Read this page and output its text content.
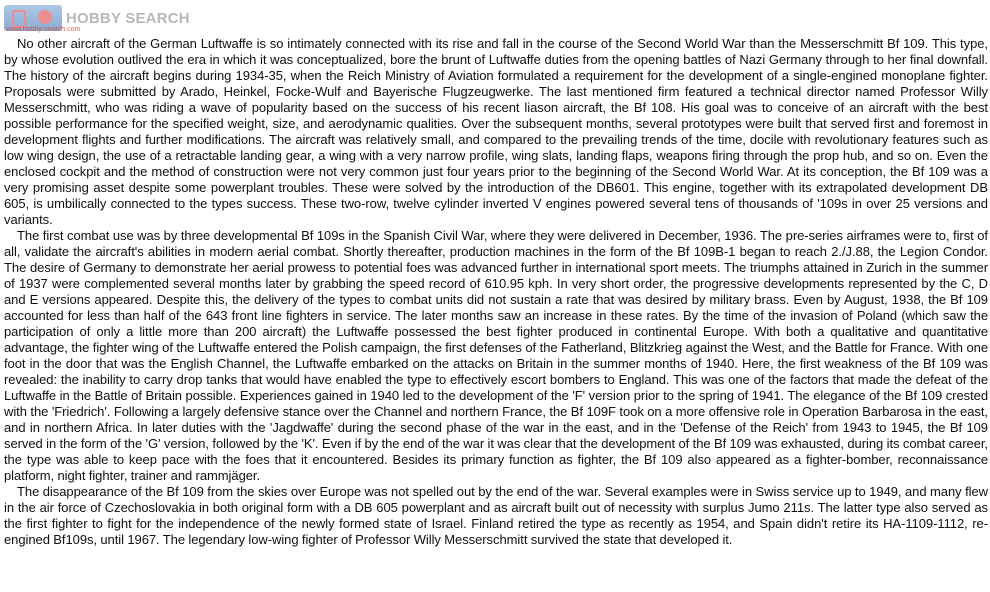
HOBBY SEARCH
www.hobby-search.com

No other aircraft of the German Luftwaffe is so intimately connected with its rise and fall in the course of the Second World War than the Messerschmitt Bf 109. This type, by whose evolution outlived the era in which it was conceptualized, bore the brunt of Luftwaffe duties from the opening battles of Nazi Germany through to her final downfall. The history of the aircraft begins during 1934-35, when the Reich Ministry of Aviation formulated a requirement for the development of a single-engined monoplane fighter. Proposals were submitted by Arado, Heinkel, Focke-Wulf and Bayerische Flugzeugwerke. The last mentioned firm featured a technical director named Professor Willy Messerschmitt, who was riding a wave of popularity based on the success of his recent liason aircraft, the Bf 108. His goal was to conceive of an aircraft with the best possible performance for the specified weight, size, and aerodynamic qualities. Over the subsequent months, several prototypes were built that served first and foremost in development flights and further modifications. The aircraft was relatively small, and compared to the prevailing trends of the time, docile with revolutionary features such as low wing design, the use of a retractable landing gear, a wing with a very narrow profile, wing slats, landing flaps, weapons firing through the prop hub, and so on. Even the enclosed cockpit and the method of construction were not very common just four years prior to the beginning of the Second World War. At its conception, the Bf 109 was a very promising asset despite some powerplant troubles. These were solved by the introduction of the DB601. This engine, together with its extrapolated development DB 605, is umbilically connected to the types success. These two-row, twelve cylinder inverted V engines powered several tens of thousands of '109s in over 25 versions and variants.

The first combat use was by three developmental Bf 109s in the Spanish Civil War, where they were delivered in December, 1936. The pre-series airframes were to, first of all, validate the aircraft's abilities in modern aerial combat. Shortly thereafter, production machines in the form of the Bf 109B-1 began to reach 2./J.88, the Legion Condor. The desire of Germany to demonstrate her aerial prowess to potential foes was advanced further in international sport meets. The triumphs attained in Zurich in the summer of 1937 were complemented several months later by grabbing the speed record of 610.95 kph. In very short order, the progressive developments represented by the C, D and E versions appeared. Despite this, the delivery of the types to combat units did not sustain a rate that was desired by military brass. Even by August, 1938, the Bf 109 accounted for less than half of the 643 front line fighters in service. The later months saw an increase in these rates. By the time of the invasion of Poland (which saw the participation of only a little more than 200 aircraft) the Luftwaffe possessed the best fighter produced in continental Europe. With both a qualitative and quantitative advantage, the fighter wing of the Luftwaffe entered the Polish campaign, the first defenses of the Fatherland, Blitzkrieg against the West, and the Battle for France. With one foot in the door that was the English Channel, the Luftwaffe embarked on the attacks on Britain in the summer months of 1940. Here, the first weakness of the Bf 109 was revealed: the inability to carry drop tanks that would have enabled the type to effectively escort bombers to England. This was one of the factors that made the defeat of the Luftwaffe in the Battle of Britain possible. Experiences gained in 1940 led to the development of the 'F' version prior to the spring of 1941. The elegance of the Bf 109 crested with the 'Friedrich'. Following a largely defensive stance over the Channel and northern France, the Bf 109F took on a more offensive role in Operation Barbarosa in the east, and in northern Africa. In later duties with the 'Jagdwaffe' during the second phase of the war in the east, and in the 'Defense of the Reich' from 1943 to 1945, the Bf 109 served in the form of the 'G' version, followed by the 'K'. Even if by the end of the war it was clear that the development of the Bf 109 was exhausted, during its combat career, the type was able to keep pace with the foes that it encountered. Besides its primary function as fighter, the Bf 109 also appeared as a fighter-bomber, reconnaissance platform, night fighter, trainer and rammjäger.

The disappearance of the Bf 109 from the skies over Europe was not spelled out by the end of the war. Several examples were in Swiss service up to 1949, and many flew in the air force of Czechoslovakia in both original form with a DB 605 powerplant and as aircraft built out of necessity with surplus Jumo 211s. The latter type also served as the first fighter to fight for the independence of the newly formed state of Israel. Finland retired the type as recently as 1954, and Spain didn't retire its HA-1109-1112, re-engined Bf109s, until 1967. The legendary low-wing fighter of Professor Willy Messerschmitt survived the state that developed it.
